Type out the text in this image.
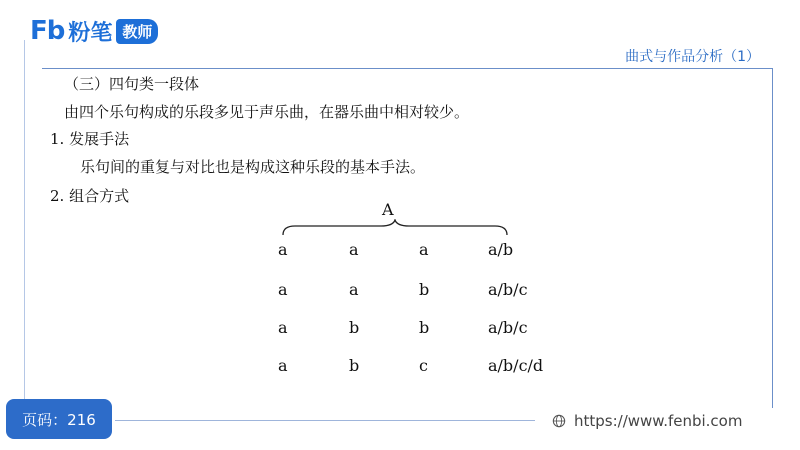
Fb 粉笔 教师
曲式与作品分析（1）
（三）四句类一段体
由四个乐句构成的乐段多见于声乐曲，在器乐曲中相对较少。
1. 发展手法
乐句间的重复与对比也是构成这种乐段的基本手法。
2. 组合方式
A
a	a	a	a/b
a	a	b	a/b/c
a	b	b	a/b/c
a	b	c	a/b/c/d
页码：216	https://www.fenbi.com
